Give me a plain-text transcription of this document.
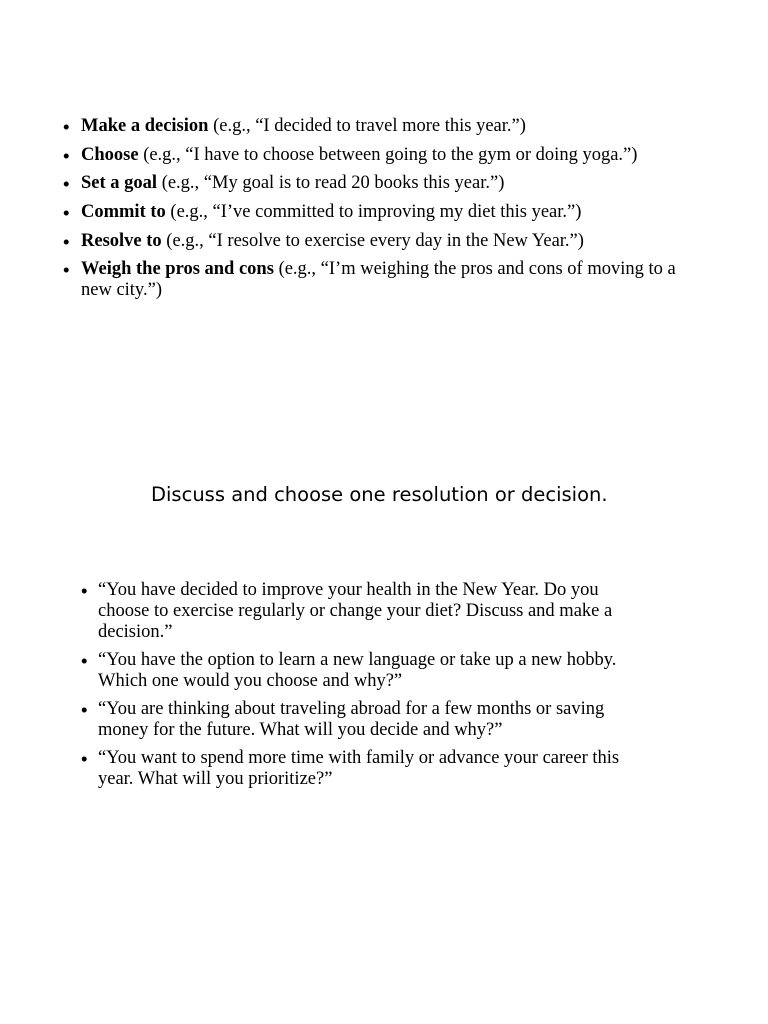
• Make a decision (e.g., “I decided to travel more this year.”)
• Choose (e.g., “I have to choose between going to the gym or doing yoga.”)
• Set a goal (e.g., “My goal is to read 20 books this year.”)
• Commit to (e.g., “I’ve committed to improving my diet this year.”)
• Resolve to (e.g., “I resolve to exercise every day in the New Year.”)
• Weigh the pros and cons (e.g., “I’m weighing the pros and cons of moving to a new city.”)
Discuss and choose one resolution or decision.
• “You have decided to improve your health in the New Year. Do you choose to exercise regularly or change your diet? Discuss and make a decision.”
• “You have the option to learn a new language or take up a new hobby. Which one would you choose and why?”
• “You are thinking about traveling abroad for a few months or saving money for the future. What will you decide and why?”
• “You want to spend more time with family or advance your career this year. What will you prioritize?”
